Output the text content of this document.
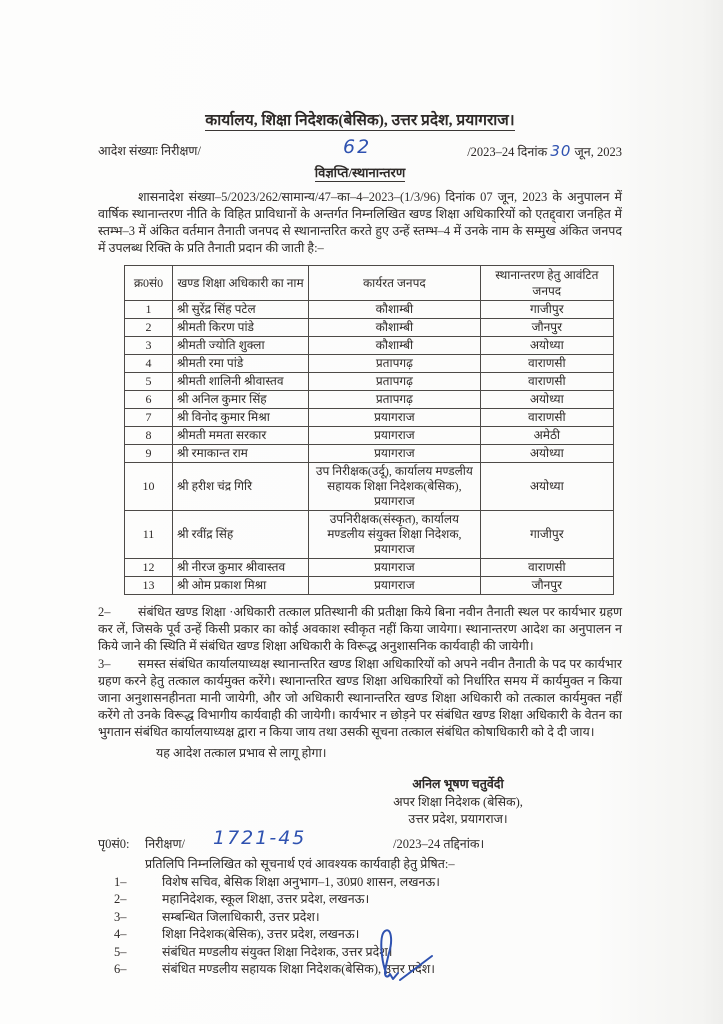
कार्यालय, शिक्षा निदेशक(बेसिक), उत्तर प्रदेश, प्रयागराज।
आदेश संख्याः निरीक्षण/	62	/2023–24 दिनांक 30 जून, 2023
विज्ञप्ति/स्थानान्तरण

शासनादेश संख्या–5/2023/262/सामान्य/47–का–4–2023–(1/3/96) दिनांक 07 जून, 2023 के अनुपालन में वार्षिक स्थानान्तरण नीति के विहित प्राविधानों के अन्तर्गत निम्नलिखित खण्ड शिक्षा अधिकारियों को एतद्द्वारा जनहित में स्तम्भ–3 में अंकित वर्तमान तैनाती जनपद से स्थानान्तरित करते हुए उन्हें स्तम्भ–4 में उनके नाम के सम्मुख अंकित जनपद में उपलब्ध रिक्ति के प्रति तैनाती प्रदान की जाती है:–

क्र0सं0	खण्ड शिक्षा अधिकारी का नाम	कार्यरत जनपद	स्थानान्तरण हेतु आवंटित जनपद
1	श्री सुरेंद्र सिंह पटेल	कौशाम्बी	गाजीपुर
2	श्रीमती किरण पांडे	कौशाम्बी	जौनपुर
3	श्रीमती ज्योति शुक्ला	कौशाम्बी	अयोध्या
4	श्रीमती रमा पांडे	प्रतापगढ़	वाराणसी
5	श्रीमती शालिनी श्रीवास्तव	प्रतापगढ़	वाराणसी
6	श्री अनिल कुमार सिंह	प्रतापगढ़	अयोध्या
7	श्री विनोद कुमार मिश्रा	प्रयागराज	वाराणसी
8	श्रीमती ममता सरकार	प्रयागराज	अमेठी
9	श्री रमाकान्त राम	प्रयागराज	अयोध्या
10	श्री हरीश चंद्र गिरि	उप निरीक्षक(उर्दू), कार्यालय मण्डलीय सहायक शिक्षा निदेशक(बेसिक), प्रयागराज	अयोध्या
11	श्री रवींद्र सिंह	उपनिरीक्षक(संस्कृत), कार्यालय मण्डलीय संयुक्त शिक्षा निदेशक, प्रयागराज	गाजीपुर
12	श्री नीरज कुमार श्रीवास्तव	प्रयागराज	वाराणसी
13	श्री ओम प्रकाश मिश्रा	प्रयागराज	जौनपुर

2– संबंधित खण्ड शिक्षा ·अधिकारी तत्काल प्रतिस्थानी की प्रतीक्षा किये बिना नवीन तैनाती स्थल पर कार्यभार ग्रहण कर लें, जिसके पूर्व उन्हें किसी प्रकार का कोई अवकाश स्वीकृत नहीं किया जायेगा। स्थानान्तरण आदेश का अनुपालन न किये जाने की स्थिति में संबंधित खण्ड शिक्षा अधिकारी के विरूद्ध अनुशासनिक कार्यवाही की जायेगी।

3– समस्त संबंधित कार्यालयाध्यक्ष स्थानान्तरित खण्ड शिक्षा अधिकारियों को अपने नवीन तैनाती के पद पर कार्यभार ग्रहण करने हेतु तत्काल कार्यमुक्त करेंगे। स्थानान्तरित खण्ड शिक्षा अधिकारियों को निर्धारित समय में कार्यमुक्त न किया जाना अनुशासनहीनता मानी जायेगी, और जो अधिकारी स्थानान्तरित खण्ड शिक्षा अधिकारी को तत्काल कार्यमुक्त नहीं करेंगे तो उनके विरूद्ध विभागीय कार्यवाही की जायेगी। कार्यभार न छोड़ने पर संबंधित खण्ड शिक्षा अधिकारी के वेतन का भुगतान संबंधित कार्यालयाध्यक्ष द्वारा न किया जाय तथा उसकी सूचना तत्काल संबंधित कोषाधिकारी को दे दी जाय।

यह आदेश तत्काल प्रभाव से लागू होगा।

अनिल भूषण चतुर्वेदी
अपर शिक्षा निदेशक (बेसिक),
उत्तर प्रदेश, प्रयागराज।
पृ0सं0: निरीक्षण/ 1721-45	/2023–24 तद्दिनांक।

प्रतिलिपि निम्नलिखित को सूचनार्थ एवं आवश्यक कार्यवाही हेतु प्रेषित:–

1–	विशेष सचिव, बेसिक शिक्षा अनुभाग–1, उ0प्र0 शासन, लखनऊ।
2–	महानिदेशक, स्कूल शिक्षा, उत्तर प्रदेश, लखनऊ।
3–	सम्बन्धित जिलाधिकारी, उत्तर प्रदेश।
4–	शिक्षा निदेशक(बेसिक), उत्तर प्रदेश, लखनऊ।
5–	संबंधित मण्डलीय संयुक्त शिक्षा निदेशक, उत्तर प्रदेश।
6–	संबंधित मण्डलीय सहायक शिक्षा निदेशक(बेसिक), उत्तर प्रदेश।
